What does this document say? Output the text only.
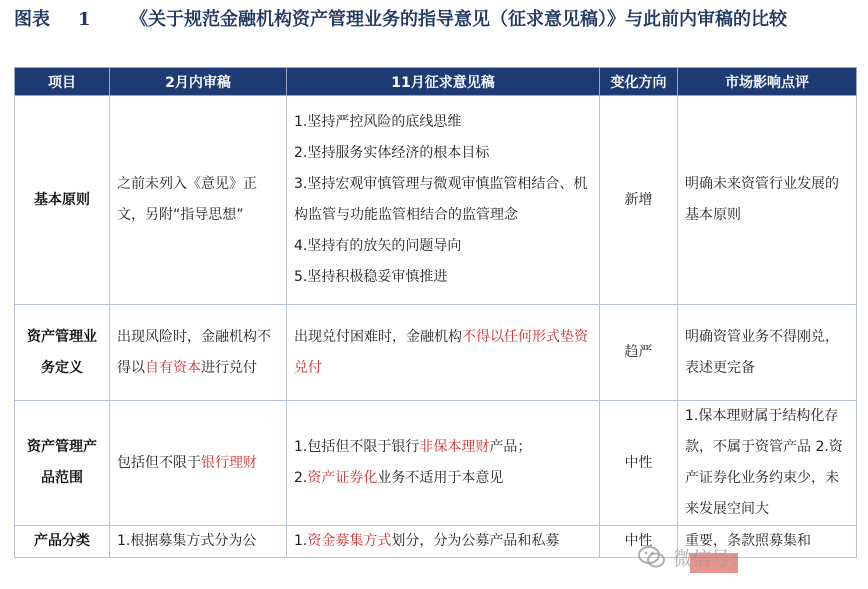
图表 1 《关于规范金融机构资产管理业务的指导意见（征求意见稿）》与此前内审稿的比较
项目	2月内审稿	11月征求意见稿	变化方向	市场影响点评
基本原则	之前未列入《意见》正文，另附“指导思想”	1.坚持严控风险的底线思维
2.坚持服务实体经济的根本目标
3.坚持宏观审慎管理与微观审慎监管相结合、机构监管与功能监管相结合的监管理念
4.坚持有的放矢的问题导向
5.坚持积极稳妥审慎推进	新增	明确未来资管行业发展的基本原则
资产管理业务定义	出现风险时，金融机构不得以自有资本进行兑付	出现兑付困难时，金融机构不得以任何形式垫资兑付	趋严	明确资管业务不得刚兑，表述更完备
资产管理产品范围	包括但不限于银行理财	1.包括但不限于银行非保本理财产品；
2.资产证券化业务不适用于本意见	中性	1.保本理财属于结构化存款，不属于资管产品 2.资产证券化业务约束少，未来发展空间大
产品分类	1.根据募集方式分为公	1.资金募集方式划分，分为公募产品和私募	中性	重要，条款照募集和
微信号：
